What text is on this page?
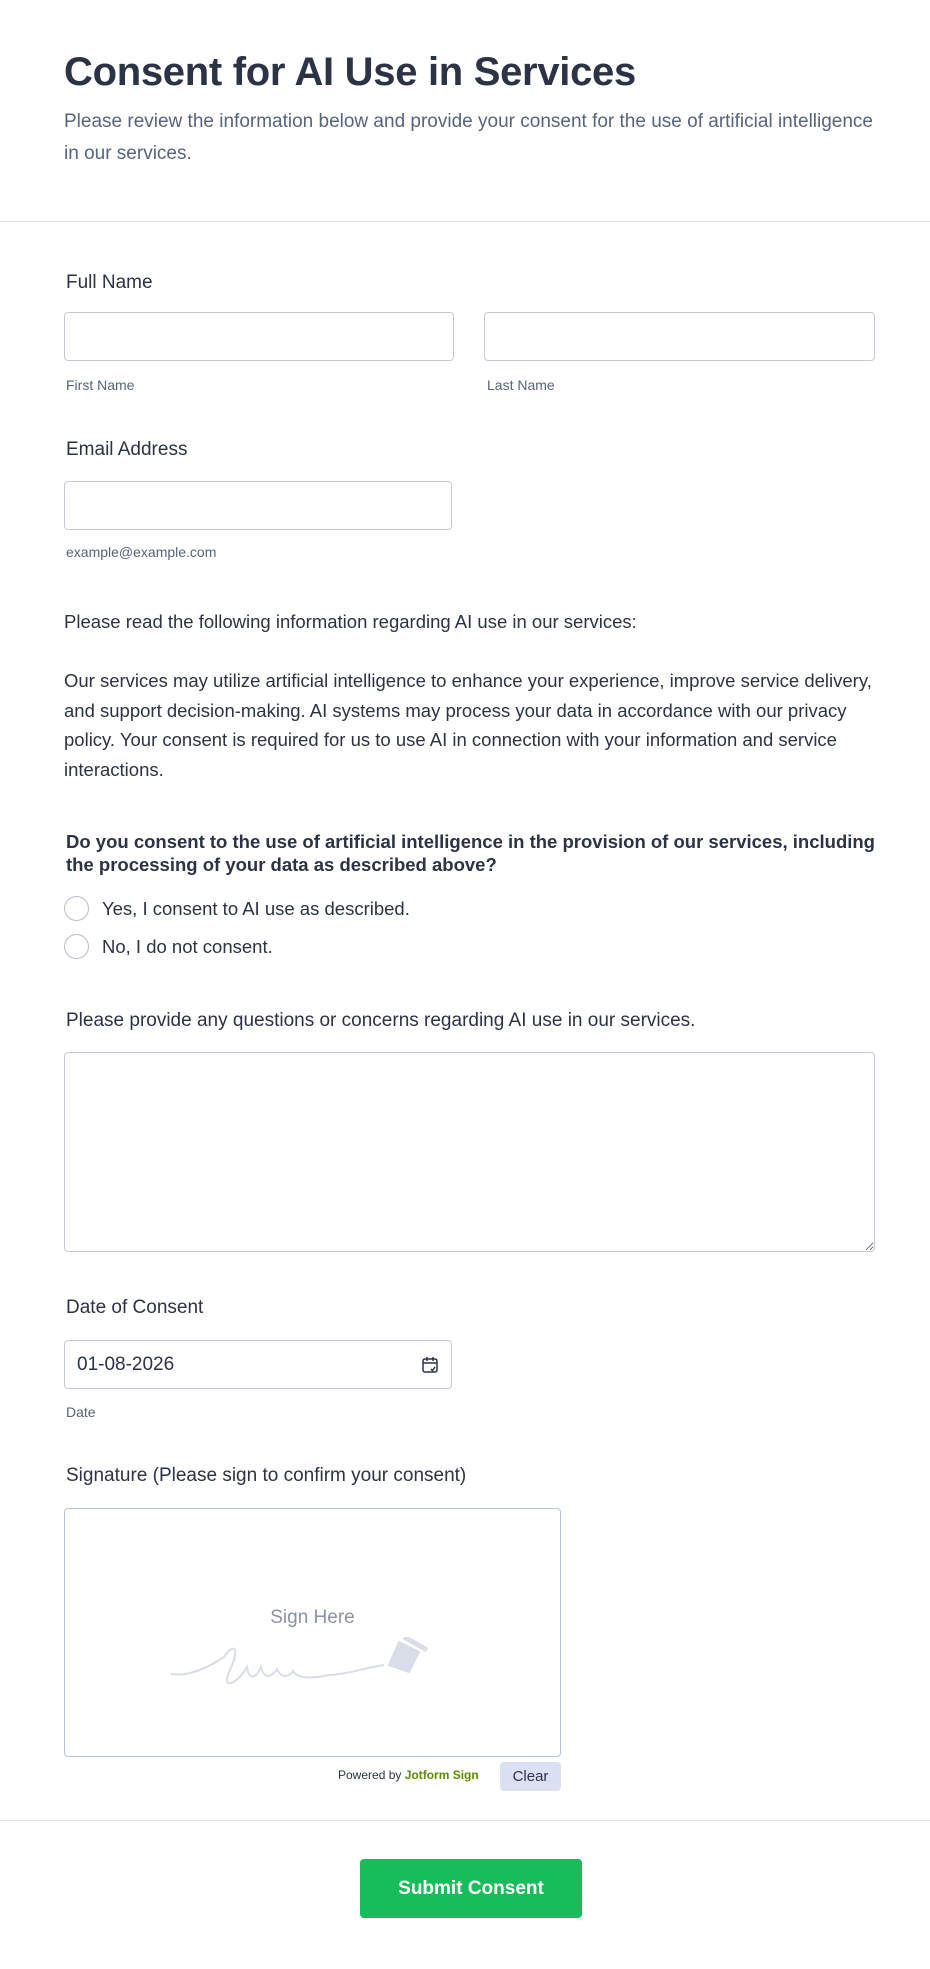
Consent for AI Use in Services

Please review the information below and provide your consent for the use of artificial intelligence in our services.

Full Name
First Name	Last Name
Email Address
example@example.com

Please read the following information regarding AI use in our services:

Our services may utilize artificial intelligence to enhance your experience, improve service delivery, and support decision-making. AI systems may process your data in accordance with our privacy policy. Your consent is required for us to use AI in connection with your information and service interactions.

Do you consent to the use of artificial intelligence in the provision of our services, including the processing of your data as described above?
Yes, I consent to AI use as described.
No, I do not consent.
Please provide any questions or concerns regarding AI use in our services.
Date of Consent
01-08-2026
Date
Signature (Please sign to confirm your consent)
Sign Here
Powered by Jotform Sign	Clear
Submit Consent
